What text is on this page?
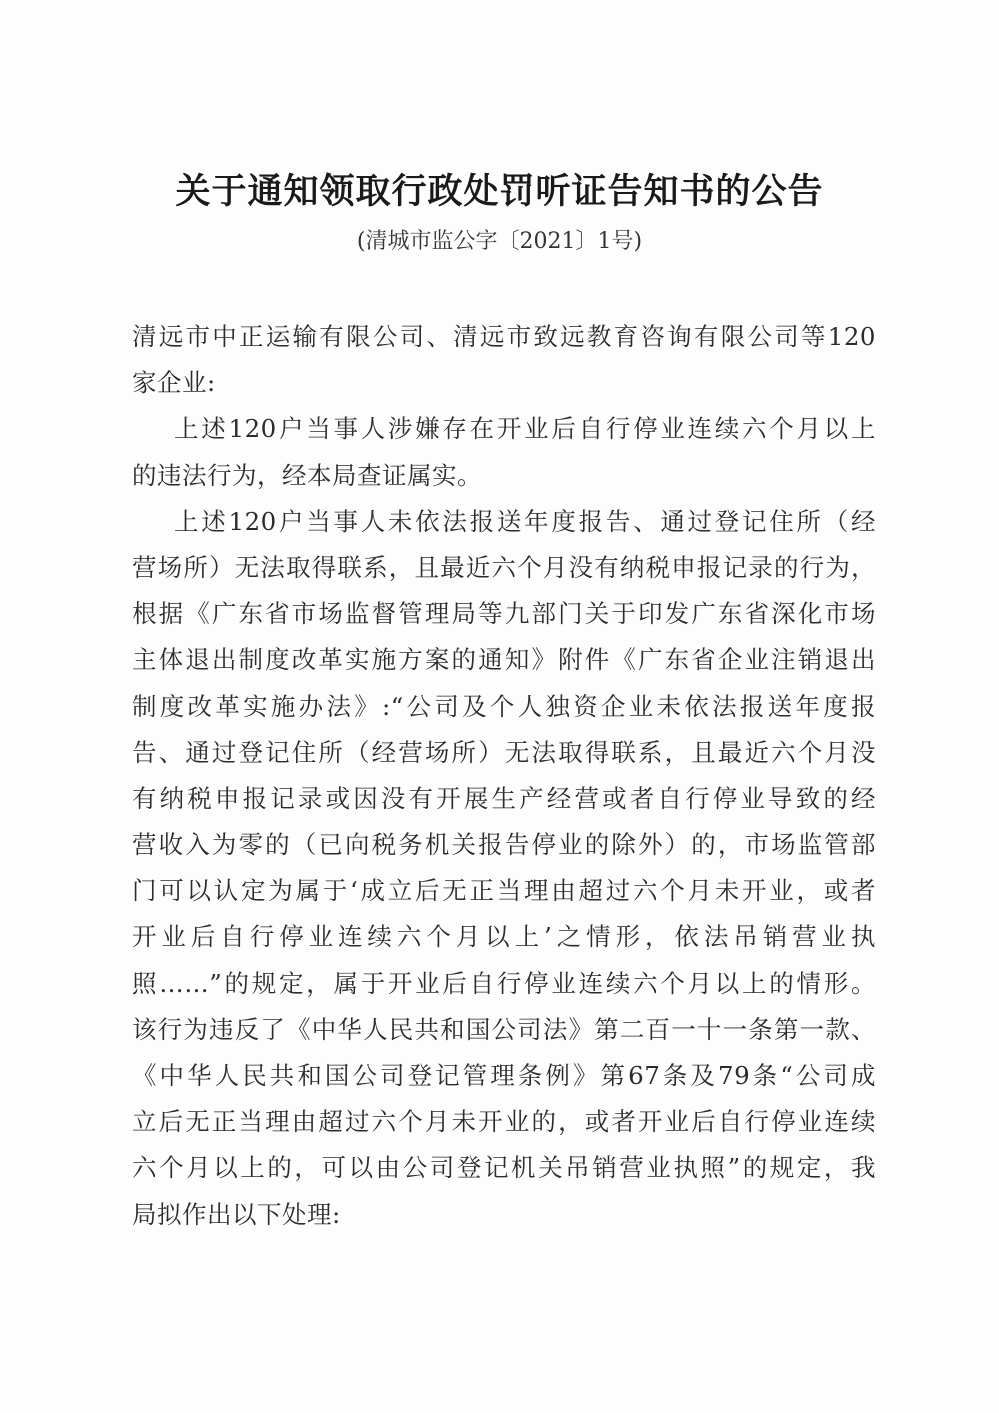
关于通知领取行政处罚听证告知书的公告
(清城市监公字〔2021〕1号)
清远市中正运输有限公司、清远市致远教育咨询有限公司等120
家企业:
上述120户当事人涉嫌存在开业后自行停业连续六个月以上
的违法行为，经本局查证属实。
上述120户当事人未依法报送年度报告、通过登记住所（经
营场所）无法取得联系，且最近六个月没有纳税申报记录的行为，
根据《广东省市场监督管理局等九部门关于印发广东省深化市场
主体退出制度改革实施方案的通知》附件《广东省企业注销退出
制度改革实施办法》:“公司及个人独资企业未依法报送年度报
告、通过登记住所（经营场所）无法取得联系，且最近六个月没
有纳税申报记录或因没有开展生产经营或者自行停业导致的经
营收入为零的（已向税务机关报告停业的除外）的，市场监管部
门可以认定为属于‘成立后无正当理由超过六个月未开业，或者
开业后自行停业连续六个月以上’之情形，依法吊销营业执
照……”的规定，属于开业后自行停业连续六个月以上的情形。
该行为违反了《中华人民共和国公司法》第二百一十一条第一款、
《中华人民共和国公司登记管理条例》第67条及79条“公司成
立后无正当理由超过六个月未开业的，或者开业后自行停业连续
六个月以上的，可以由公司登记机关吊销营业执照”的规定，我
局拟作出以下处理:
